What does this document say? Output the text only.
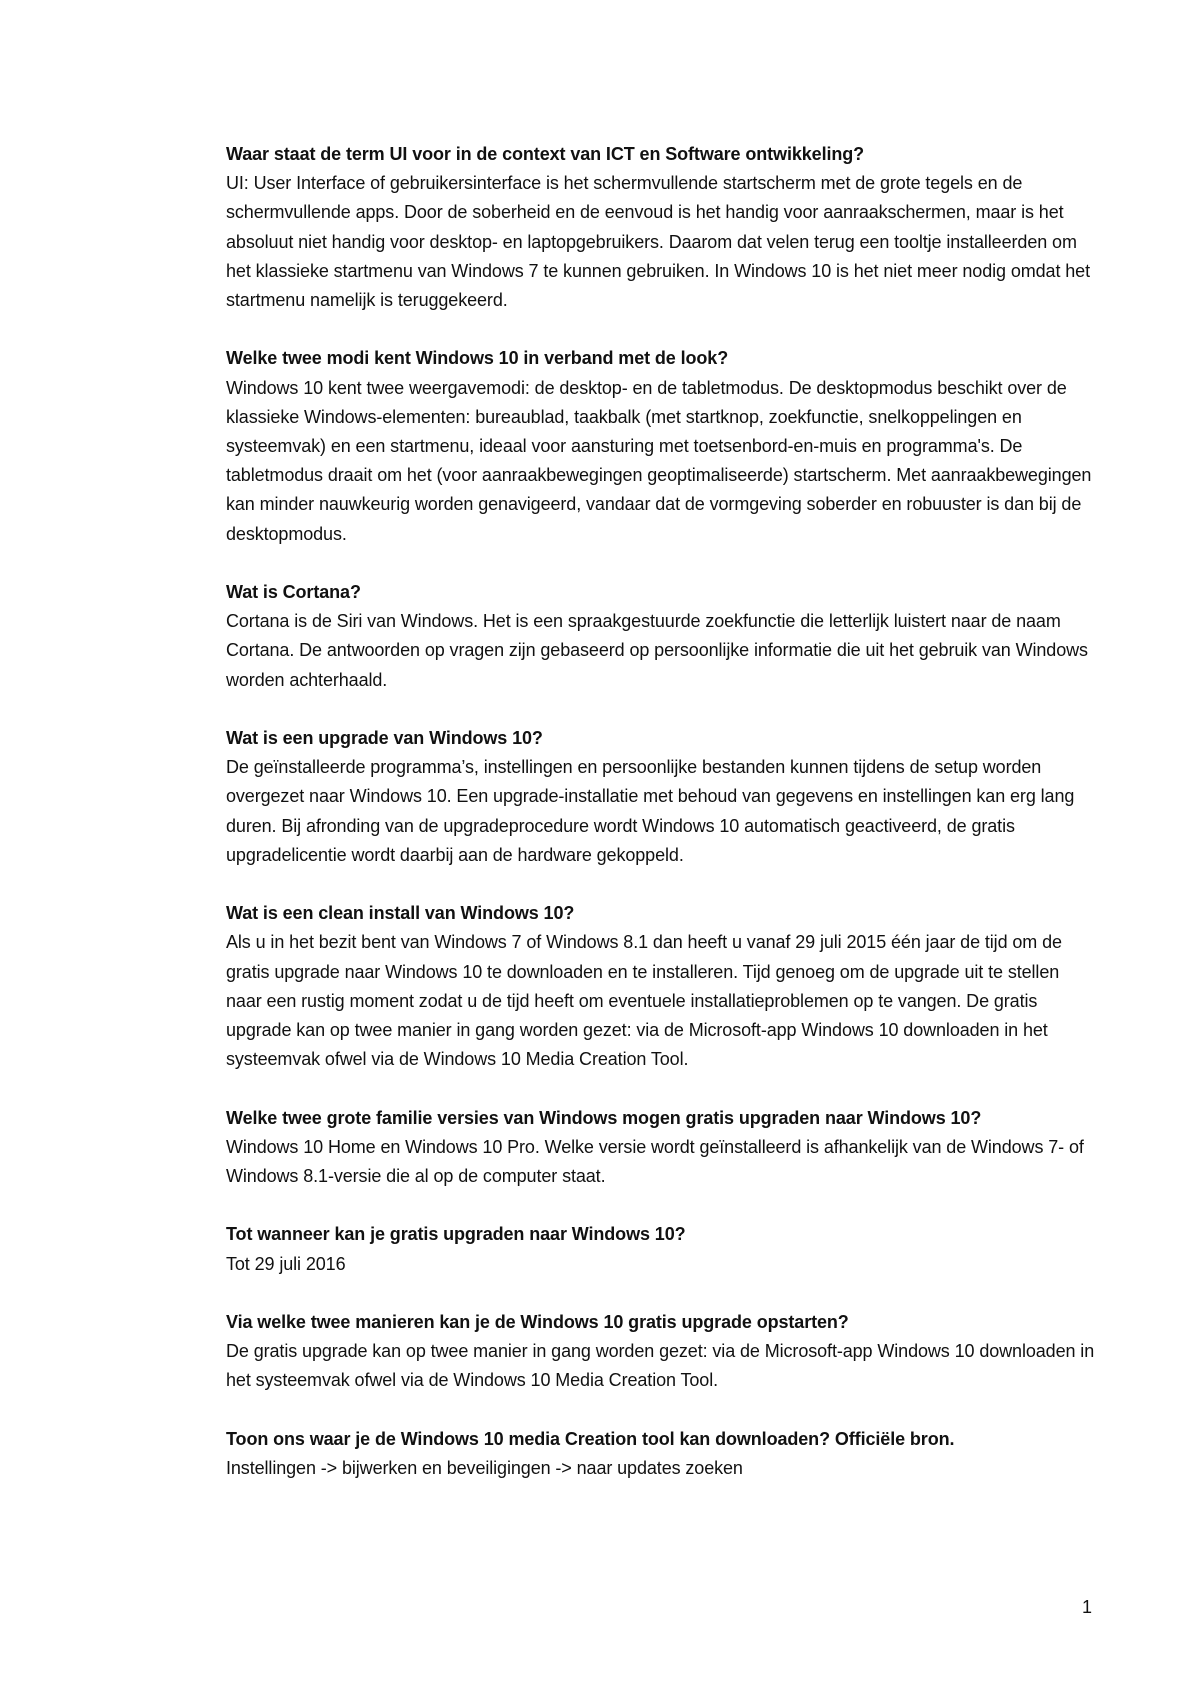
Waar staat de term UI voor in de context van ICT en Software ontwikkeling?

UI: User Interface of gebruikersinterface is het schermvullende startscherm met de grote tegels en de schermvullende apps. Door de soberheid en de eenvoud is het handig voor aanraakschermen, maar is het absoluut niet handig voor desktop- en laptopgebruikers. Daarom dat velen terug een tooltje installeerden om het klassieke startmenu van Windows 7 te kunnen gebruiken. In Windows 10 is het niet meer nodig omdat het startmenu namelijk is teruggekeerd.

Welke twee modi kent Windows 10 in verband met de look?

Windows 10 kent twee weergavemodi: de desktop- en de tabletmodus. De desktopmodus beschikt over de klassieke Windows-elementen: bureaublad, taakbalk (met startknop, zoekfunctie, snelkoppelingen en systeemvak) en een startmenu, ideaal voor aansturing met toetsenbord-en-muis en programma's. De tabletmodus draait om het (voor aanraakbewegingen geoptimaliseerde) startscherm. Met aanraakbewegingen kan minder nauwkeurig worden genavigeerd, vandaar dat de vormgeving soberder en robuuster is dan bij de desktopmodus.

Wat is Cortana?

Cortana is de Siri van Windows. Het is een spraakgestuurde zoekfunctie die letterlijk luistert naar de naam Cortana. De antwoorden op vragen zijn gebaseerd op persoonlijke informatie die uit het gebruik van Windows worden achterhaald.

Wat is een upgrade van Windows 10?

De geïnstalleerde programma’s, instellingen en persoonlijke bestanden kunnen tijdens de setup worden overgezet naar Windows 10. Een upgrade-installatie met behoud van gegevens en instellingen kan erg lang duren. Bij afronding van de upgradeprocedure wordt Windows 10 automatisch geactiveerd, de gratis upgradelicentie wordt daarbij aan de hardware gekoppeld.

Wat is een clean install van Windows 10?

Als u in het bezit bent van Windows 7 of Windows 8.1 dan heeft u vanaf 29 juli 2015 één jaar de tijd om de gratis upgrade naar Windows 10 te downloaden en te installeren. Tijd genoeg om de upgrade uit te stellen naar een rustig moment zodat u de tijd heeft om eventuele installatieproblemen op te vangen. De gratis upgrade kan op twee manier in gang worden gezet: via de Microsoft-app Windows 10 downloaden in het systeemvak ofwel via de Windows 10 Media Creation Tool.

Welke twee grote familie versies van Windows mogen gratis upgraden naar Windows 10?

Windows 10 Home en Windows 10 Pro. Welke versie wordt geïnstalleerd is afhankelijk van de Windows 7- of Windows 8.1-versie die al op de computer staat.

Tot wanneer kan je gratis upgraden naar Windows 10?

Tot 29 juli 2016

Via welke twee manieren kan je de Windows 10 gratis upgrade opstarten?

De gratis upgrade kan op twee manier in gang worden gezet: via de Microsoft-app Windows 10 downloaden in het systeemvak ofwel via de Windows 10 Media Creation Tool.

Toon ons waar je de Windows 10 media Creation tool kan downloaden? Officiële bron.

Instellingen -> bijwerken en beveiligingen -> naar updates zoeken

1
